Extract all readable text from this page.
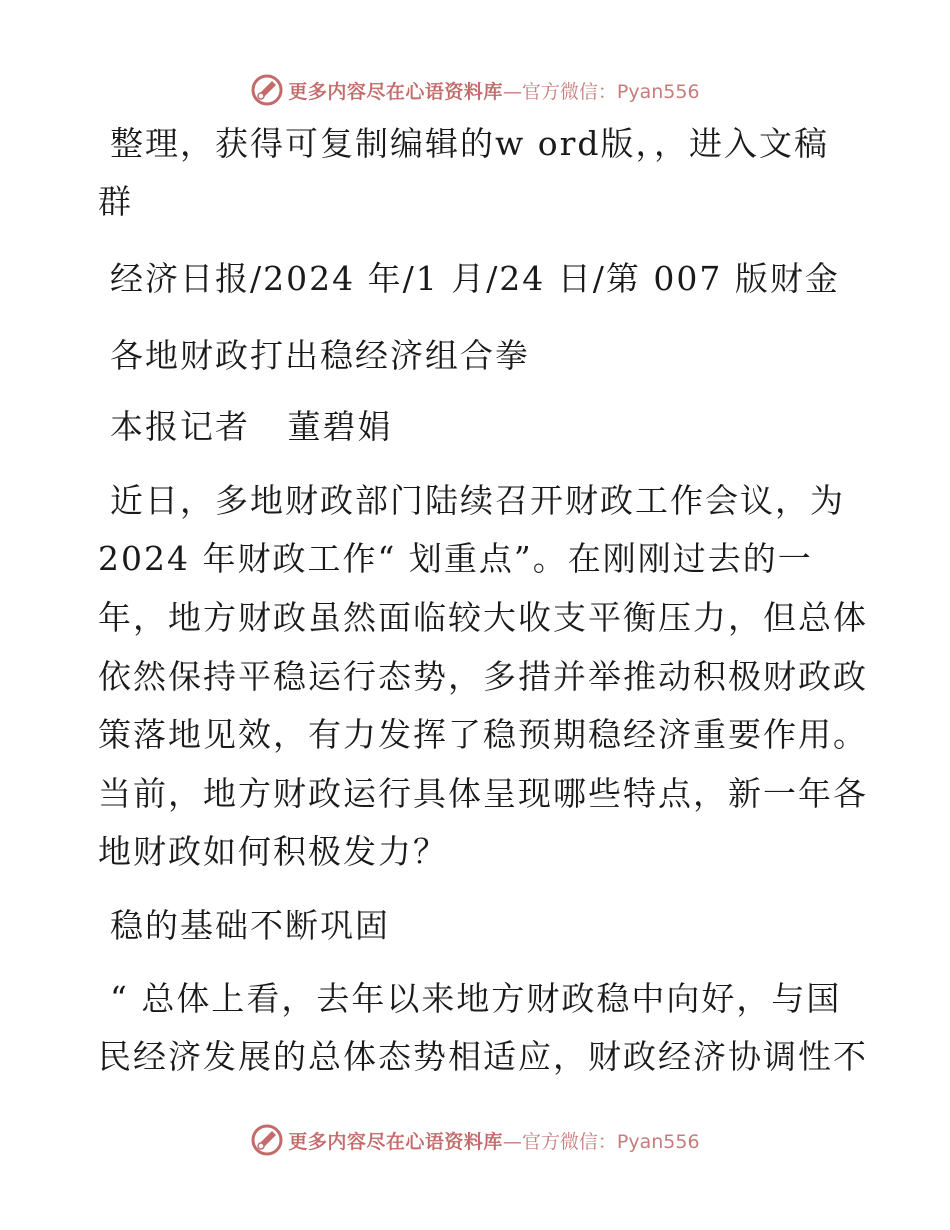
更多内容尽在心语资料库 —官方微信：Pyan556

整理，获得可复制编辑的w ord版，，进入文稿

群

经济日报/2024 年/1 月/24 日/第 007 版财金

各地财政打出稳经济组合拳

本报记者   董碧娟

近日，多地财政部门陆续召开财政工作会议，为

2024 年财政工作“ 划重点”。在刚刚过去的一

年，地方财政虽然面临较大收支平衡压力，但总体

依然保持平稳运行态势，多措并举推动积极财政政

策落地见效，有力发挥了稳预期稳经济重要作用。

当前，地方财政运行具体呈现哪些特点，新一年各

地财政如何积极发力？

稳的基础不断巩固

“ 总体上看，去年以来地方财政稳中向好，与国

民经济发展的总体态势相适应，财政经济协调性不

更多内容尽在心语资料库 —官方微信：Pyan556
